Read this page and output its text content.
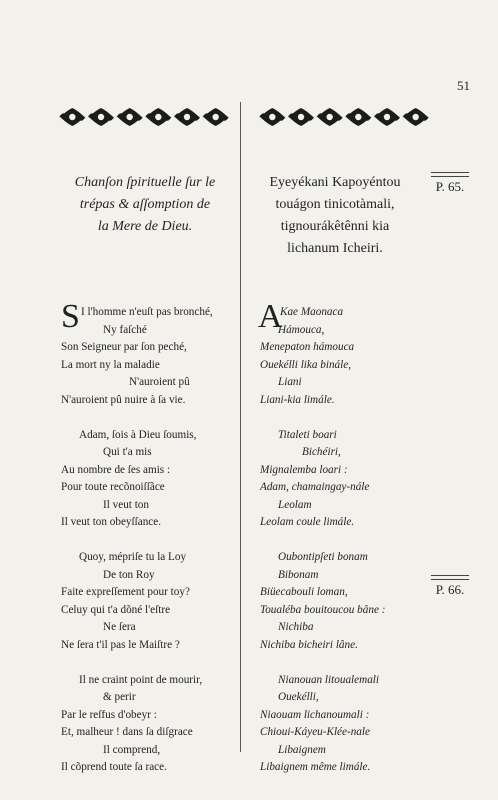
51
Chanſon ſpirituelle ſur le
trépas & aſſomption de
la Mere de Dieu.
Eyeyékani Kapoyéntou
touágon tinicotàmali,
tignourákêtênni kia
lichanum Icheiri.
P. 65.
P. 66.
S I l'homme n'euſt pas bronché,
Ny faſché
Son Seigneur par ſon peché,
La mort ny la maladie
N'auroient pû
N'auroient pû nuire à ſa vie.

Adam, ſois à Dieu ſoumis,
Qui t'a mis
Au nombre de ſes amis :
Pour toute recõnoiſſãce
Il veut ton
Il veut ton obeyſſance.

Quoy, mépriſe tu la Loy
De ton Roy
Faite expreſſement pour toy?
Celuy qui t'a dõné l'eſtre
Ne ſera
Ne ſera t'il pas le Maiſtre ?

Il ne craint point de mourir,
& perir
Par le reſfus d'obeyr :
Et, malheur ! dans ſa diſgrace
Il comprend,
Il cõprend toute ſa race.
A
Kae Maonaca
Hámouca,
Menepaton hámouca
Ouekélli lika binále,
Liani
Liani-kia limále.

Titaleti boari
Bichéiri,
Mignalemba loari :
Adam, chamaingay-nále
Leolam
Leolam coule limále.

Oubontipſeti bonam
Bibonam
Biüecabouli loman,
Toualéba bouitoucou bâne :
Nichiba
Nichiba bicheiri lâne.

Nianouan litoualemali
Ouekélli,
Niaouam lichanoumali :
Chioui-Káyeu-Klée-nale
Libaignem
Libaignem même limále.
